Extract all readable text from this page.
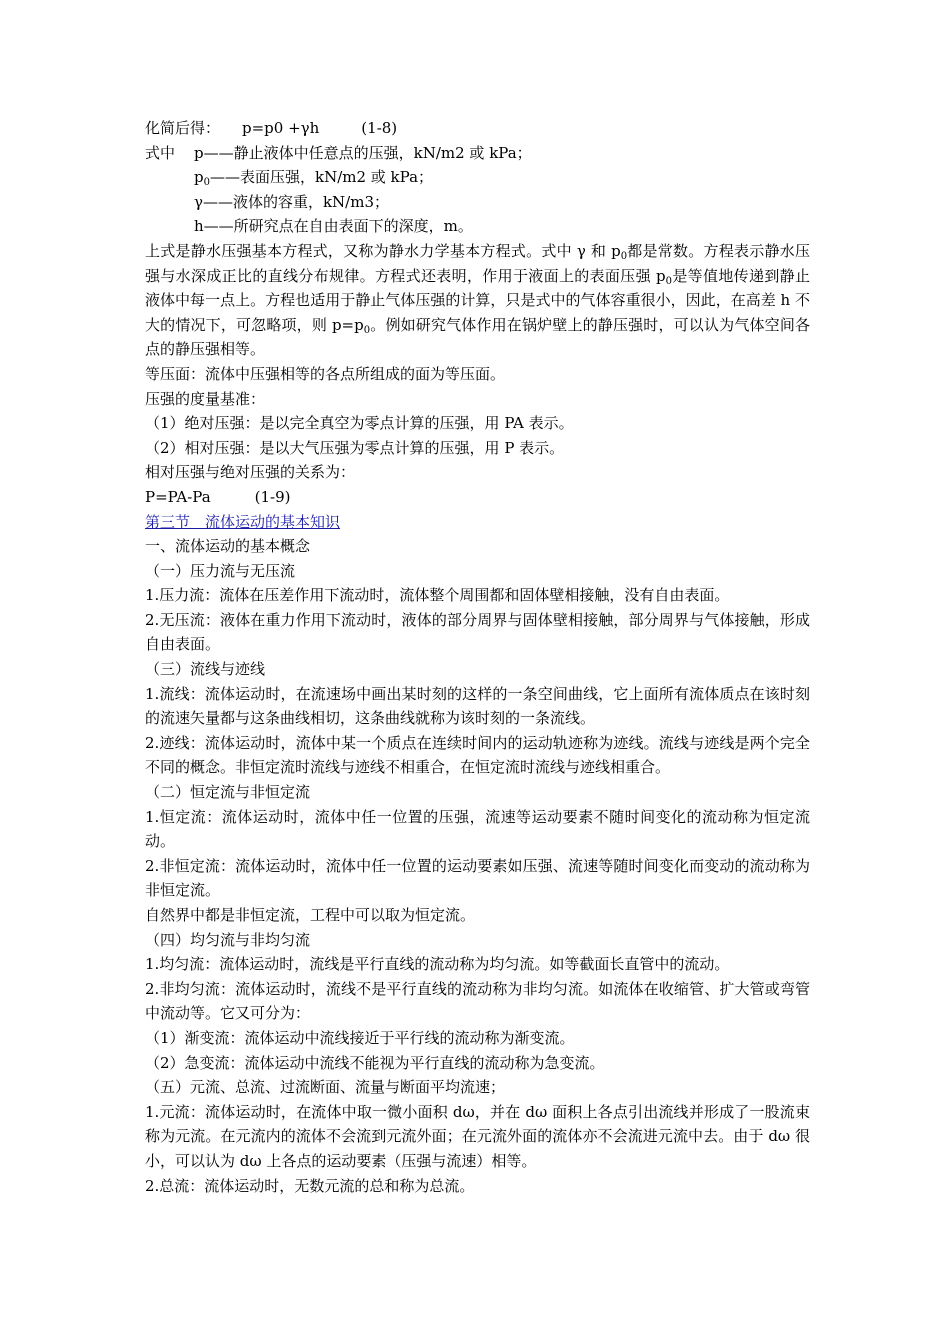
化简后得： p=p0 +γh	(1-8)
式中 p——静止液体中任意点的压强，kN/m2 或 kPa；
$p_0——$表面压强，kN/m2 或 kPa；
γ——液体的容重，kN/m3；
h——所研究点在自由表面下的深度，m。
上式是静水压强基本方程式，又称为静水力学基本方程式。式中 γ 和 $p_0$都是常数。方程表示静水压强与水深成正比的直线分布规律。方程式还表明，作用于液面上的表面压强 $p_0$是等值地传递到静止液体中每一点上。方程也适用于静止气体压强的计算，只是式中的气体容重很小，因此，在高差 h 不大的情况下，可忽略项，则 $p=p_0$。例如研究气体作用在锅炉壁上的静压强时，可以认为气体空间各点的静压强相等。
等压面：流体中压强相等的各点所组成的面为等压面。
压强的度量基准：
（1）绝对压强：是以完全真空为零点计算的压强，用 PA 表示。
（2）相对压强：是以大气压强为零点计算的压强，用 P 表示。
相对压强与绝对压强的关系为：
P=PA-Pa	(1-9)
第三节　流体运动的基本知识
一、流体运动的基本概念
（一）压力流与无压流
1.压力流：流体在压差作用下流动时，流体整个周围都和固体壁相接触，没有自由表面。
2.无压流：液体在重力作用下流动时，液体的部分周界与固体壁相接触，部分周界与气体接触，形成自由表面。
（三）流线与迹线
1.流线：流体运动时，在流速场中画出某时刻的这样的一条空间曲线，它上面所有流体质点在该时刻的流速矢量都与这条曲线相切，这条曲线就称为该时刻的一条流线。
2.迹线：流体运动时，流体中某一个质点在连续时间内的运动轨迹称为迹线。流线与迹线是两个完全不同的概念。非恒定流时流线与迹线不相重合，在恒定流时流线与迹线相重合。
（二）恒定流与非恒定流
1.恒定流：流体运动时，流体中任一位置的压强，流速等运动要素不随时间变化的流动称为恒定流动。
2.非恒定流：流体运动时，流体中任一位置的运动要素如压强、流速等随时间变化而变动的流动称为非恒定流。
自然界中都是非恒定流，工程中可以取为恒定流。
（四）均匀流与非均匀流
1.均匀流：流体运动时，流线是平行直线的流动称为均匀流。如等截面长直管中的流动。
2.非均匀流：流体运动时，流线不是平行直线的流动称为非均匀流。如流体在收缩管、扩大管或弯管中流动等。它又可分为：
（1）渐变流：流体运动中流线接近于平行线的流动称为渐变流。
（2）急变流：流体运动中流线不能视为平行直线的流动称为急变流。
（五）元流、总流、过流断面、流量与断面平均流速；
1.元流：流体运动时，在流体中取一微小面积 dω，并在 dω 面积上各点引出流线并形成了一股流束称为元流。在元流内的流体不会流到元流外面；在元流外面的流体亦不会流进元流中去。由于 dω 很小，可以认为 dω 上各点的运动要素（压强与流速）相等。
2.总流：流体运动时，无数元流的总和称为总流。
